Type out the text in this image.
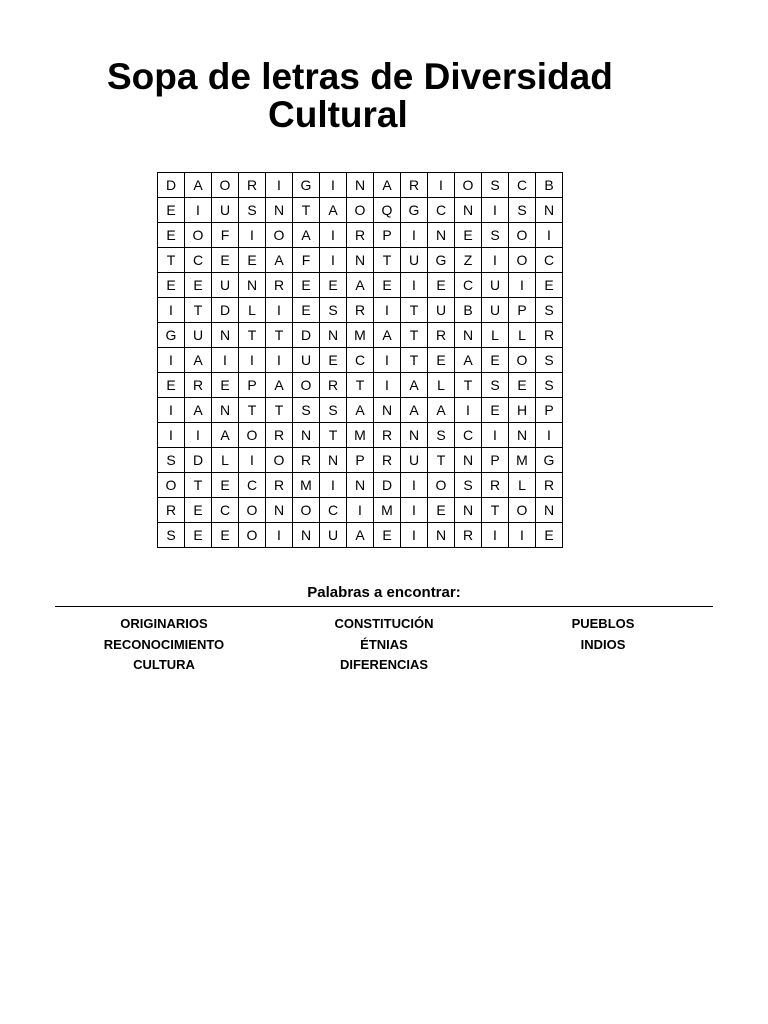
Sopa de letras de Diversidad
Cultural
D	A	O	R	I	G	I	N	A	R	I	O	S	C	B
E	I	U	S	N	T	A	O	Q	G	C	N	I	S	N
E	O	F	I	O	A	I	R	P	I	N	E	S	O	I
T	C	E	E	A	F	I	N	T	U	G	Z	I	O	C
E	E	U	N	R	E	E	A	E	I	E	C	U	I	E
I	T	D	L	I	E	S	R	I	T	U	B	U	P	S
G	U	N	T	T	D	N	M	A	T	R	N	L	L	R
I	A	I	I	I	U	E	C	I	T	E	A	E	O	S
E	R	E	P	A	O	R	T	I	A	L	T	S	E	S
I	A	N	T	T	S	S	A	N	A	A	I	E	H	P
I	I	A	O	R	N	T	M	R	N	S	C	I	N	I
S	D	L	I	O	R	N	P	R	U	T	N	P	M	G
O	T	E	C	R	M	I	N	D	I	O	S	R	L	R
R	E	C	O	N	O	C	I	M	I	E	N	T	O	N
S	E	E	O	I	N	U	A	E	I	N	R	I	I	E
Palabras a encontrar:
ORIGINARIOS
RECONOCIMIENTO
CULTURA
CONSTITUCIÓN
ÉTNIAS
DIFERENCIAS
PUEBLOS
INDIOS
